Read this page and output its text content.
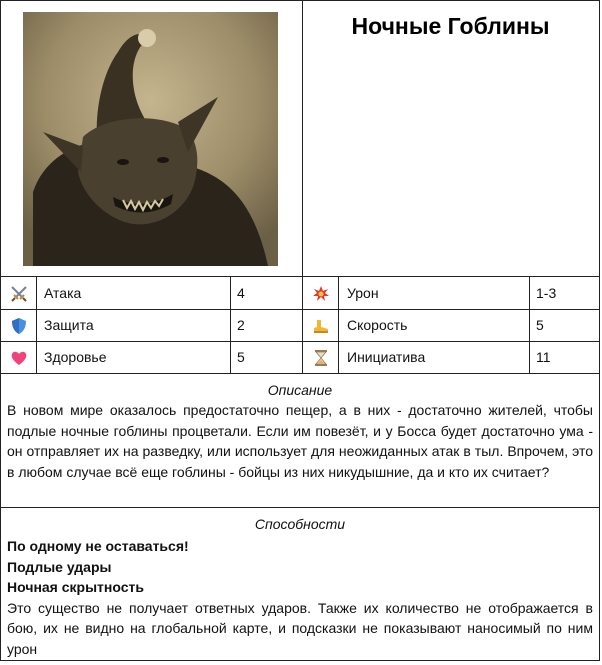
Ночные Гоблины
Атака	4	Урон	1-3
Защита	2	Скорость	5
Здоровье	5	Инициатива	11
Описание
В новом мире оказалось предостаточно пещер, а в них - достаточно жителей, чтобы подлые ночные гоблины процветали. Если им повезёт, и у Босса будет достаточно ума - он отправляет их на разведку, или использует для неожиданных атак в тыл. Впрочем, это в любом случае всё еще гоблины - бойцы из них никудышние, да и кто их считает?
Способности
По одному не оставаться!
Подлые удары
Ночная скрытность
Это существо не получает ответных ударов. Также их количество не отображается в бою, их не видно на глобальной карте, и подсказки не показывают наносимый по ним урон
